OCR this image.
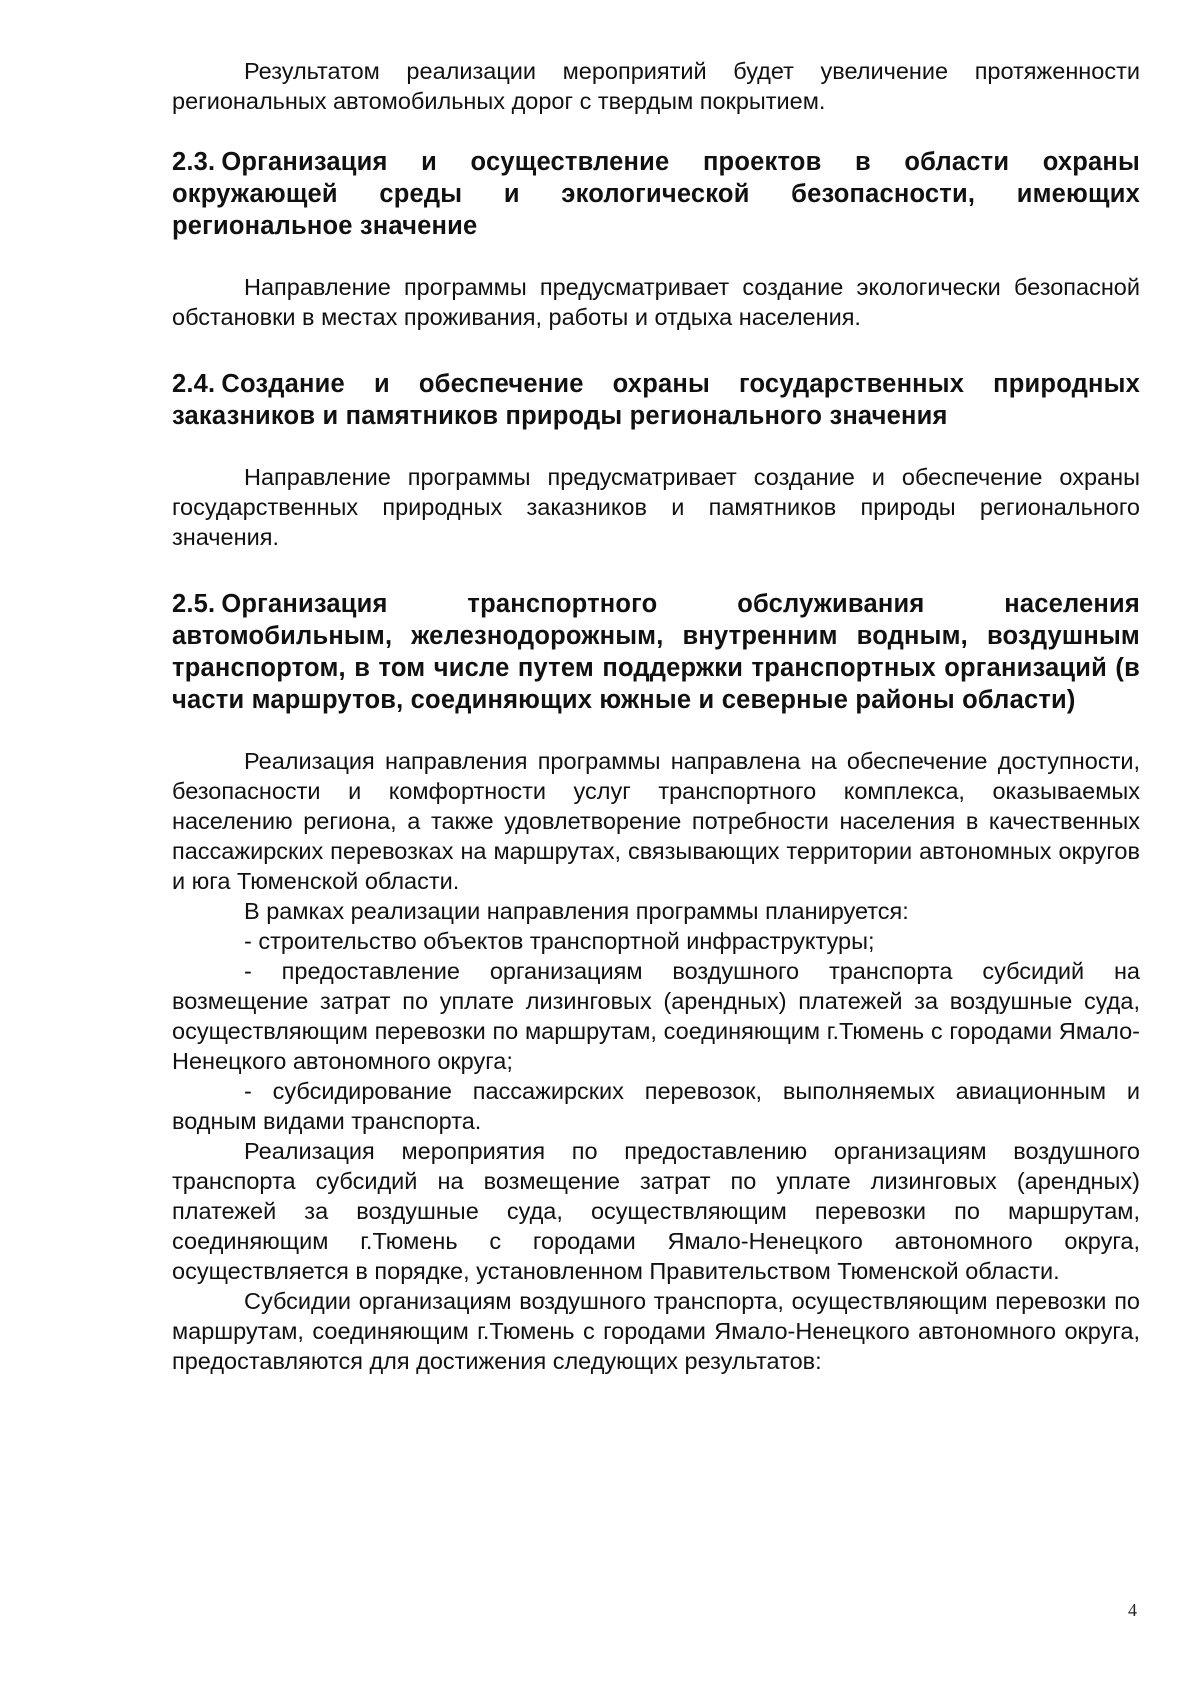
Результатом реализации мероприятий будет увеличение протяженности региональных автомобильных дорог с твердым покрытием.

2.3. Организация и осуществление проектов в области охраны окружающей среды и экологической безопасности, имеющих региональное значение

Направление программы предусматривает создание экологически безопасной обстановки в местах проживания, работы и отдыха населения.

2.4. Создание и обеспечение охраны государственных природных заказников и памятников природы регионального значения

Направление программы предусматривает создание и обеспечение охраны государственных природных заказников и памятников природы регионального значения.

2.5. Организация транспортного обслуживания населения автомобильным, железнодорожным, внутренним водным, воздушным транспортом, в том числе путем поддержки транспортных организаций (в части маршрутов, соединяющих южные и северные районы области)

Реализация направления программы направлена на обеспечение доступности, безопасности и комфортности услуг транспортного комплекса, оказываемых населению региона, а также удовлетворение потребности населения в качественных пассажирских перевозках на маршрутах, связывающих территории автономных округов и юга Тюменской области.

В рамках реализации направления программы планируется:

- строительство объектов транспортной инфраструктуры;

- предоставление организациям воздушного транспорта субсидий на возмещение затрат по уплате лизинговых (арендных) платежей за воздушные суда, осуществляющим перевозки по маршрутам, соединяющим г.Тюмень с городами Ямало-Ненецкого автономного округа;

- субсидирование пассажирских перевозок, выполняемых авиационным и водным видами транспорта.

Реализация мероприятия по предоставлению организациям воздушного транспорта субсидий на возмещение затрат по уплате лизинговых (арендных) платежей за воздушные суда, осуществляющим перевозки по маршрутам, соединяющим г.Тюмень с городами Ямало-Ненецкого автономного округа, осуществляется в порядке, установленном Правительством Тюменской области.

Субсидии организациям воздушного транспорта, осуществляющим перевозки по маршрутам, соединяющим г.Тюмень с городами Ямало-Ненецкого автономного округа, предоставляются для достижения следующих результатов:

4
